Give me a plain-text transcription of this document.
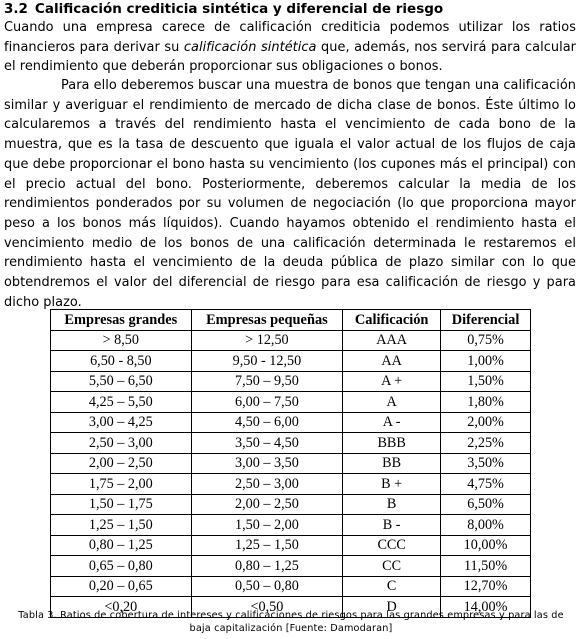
3.2 Calificación crediticia sintética y diferencial de riesgo

Cuando una empresa carece de calificación crediticia podemos utilizar los ratios financieros para derivar su calificación sintética que, además, nos servirá para calcular el rendimiento que deberán proporcionar sus obligaciones o bonos.

Para ello deberemos buscar una muestra de bonos que tengan una calificación similar y averiguar el rendimiento de mercado de dicha clase de bonos. Éste último lo calcularemos a través del rendimiento hasta el vencimiento de cada bono de la muestra, que es la tasa de descuento que iguala el valor actual de los flujos de caja que debe proporcionar el bono hasta su vencimiento (los cupones más el principal) con el precio actual del bono. Posteriormente, deberemos calcular la media de los rendimientos ponderados por su volumen de negociación (lo que proporciona mayor peso a los bonos más líquidos). Cuando hayamos obtenido el rendimiento hasta el vencimiento medio de los bonos de una calificación determinada le restaremos el rendimiento hasta el vencimiento de la deuda pública de plazo similar con lo que obtendremos el valor del diferencial de riesgo para esa calificación de riesgo y para dicho plazo.

Empresas grandes	Empresas pequeñas	Calificación	Diferencial
> 8,50	> 12,50	AAA	0,75%
6,50 - 8,50	9,50 - 12,50	AA	1,00%
5,50 – 6,50	7,50 – 9,50	A +	1,50%
4,25 – 5,50	6,00 – 7,50	A	1,80%
3,00 – 4,25	4,50 – 6,00	A -	2,00%
2,50 – 3,00	3,50 – 4,50	BBB	2,25%
2,00 – 2,50	3,00 – 3,50	BB	3,50%
1,75 – 2,00	2,50 – 3,00	B +	4,75%
1,50 – 1,75	2,00 – 2,50	B	6,50%
1,25 – 1,50	1,50 – 2,00	B -	8,00%
0,80 – 1,25	1,25 – 1,50	CCC	10,00%
0,65 – 0,80	0,80 – 1,25	CC	11,50%
0,20 – 0,65	0,50 – 0,80	C	12,70%
<0,20	<0,50	D	14,00%

Tabla 3. Ratios de cobertura de intereses y calificaciones de riesgos para las grandes empresas y para las de
baja capitalización [Fuente: Damodaran]
